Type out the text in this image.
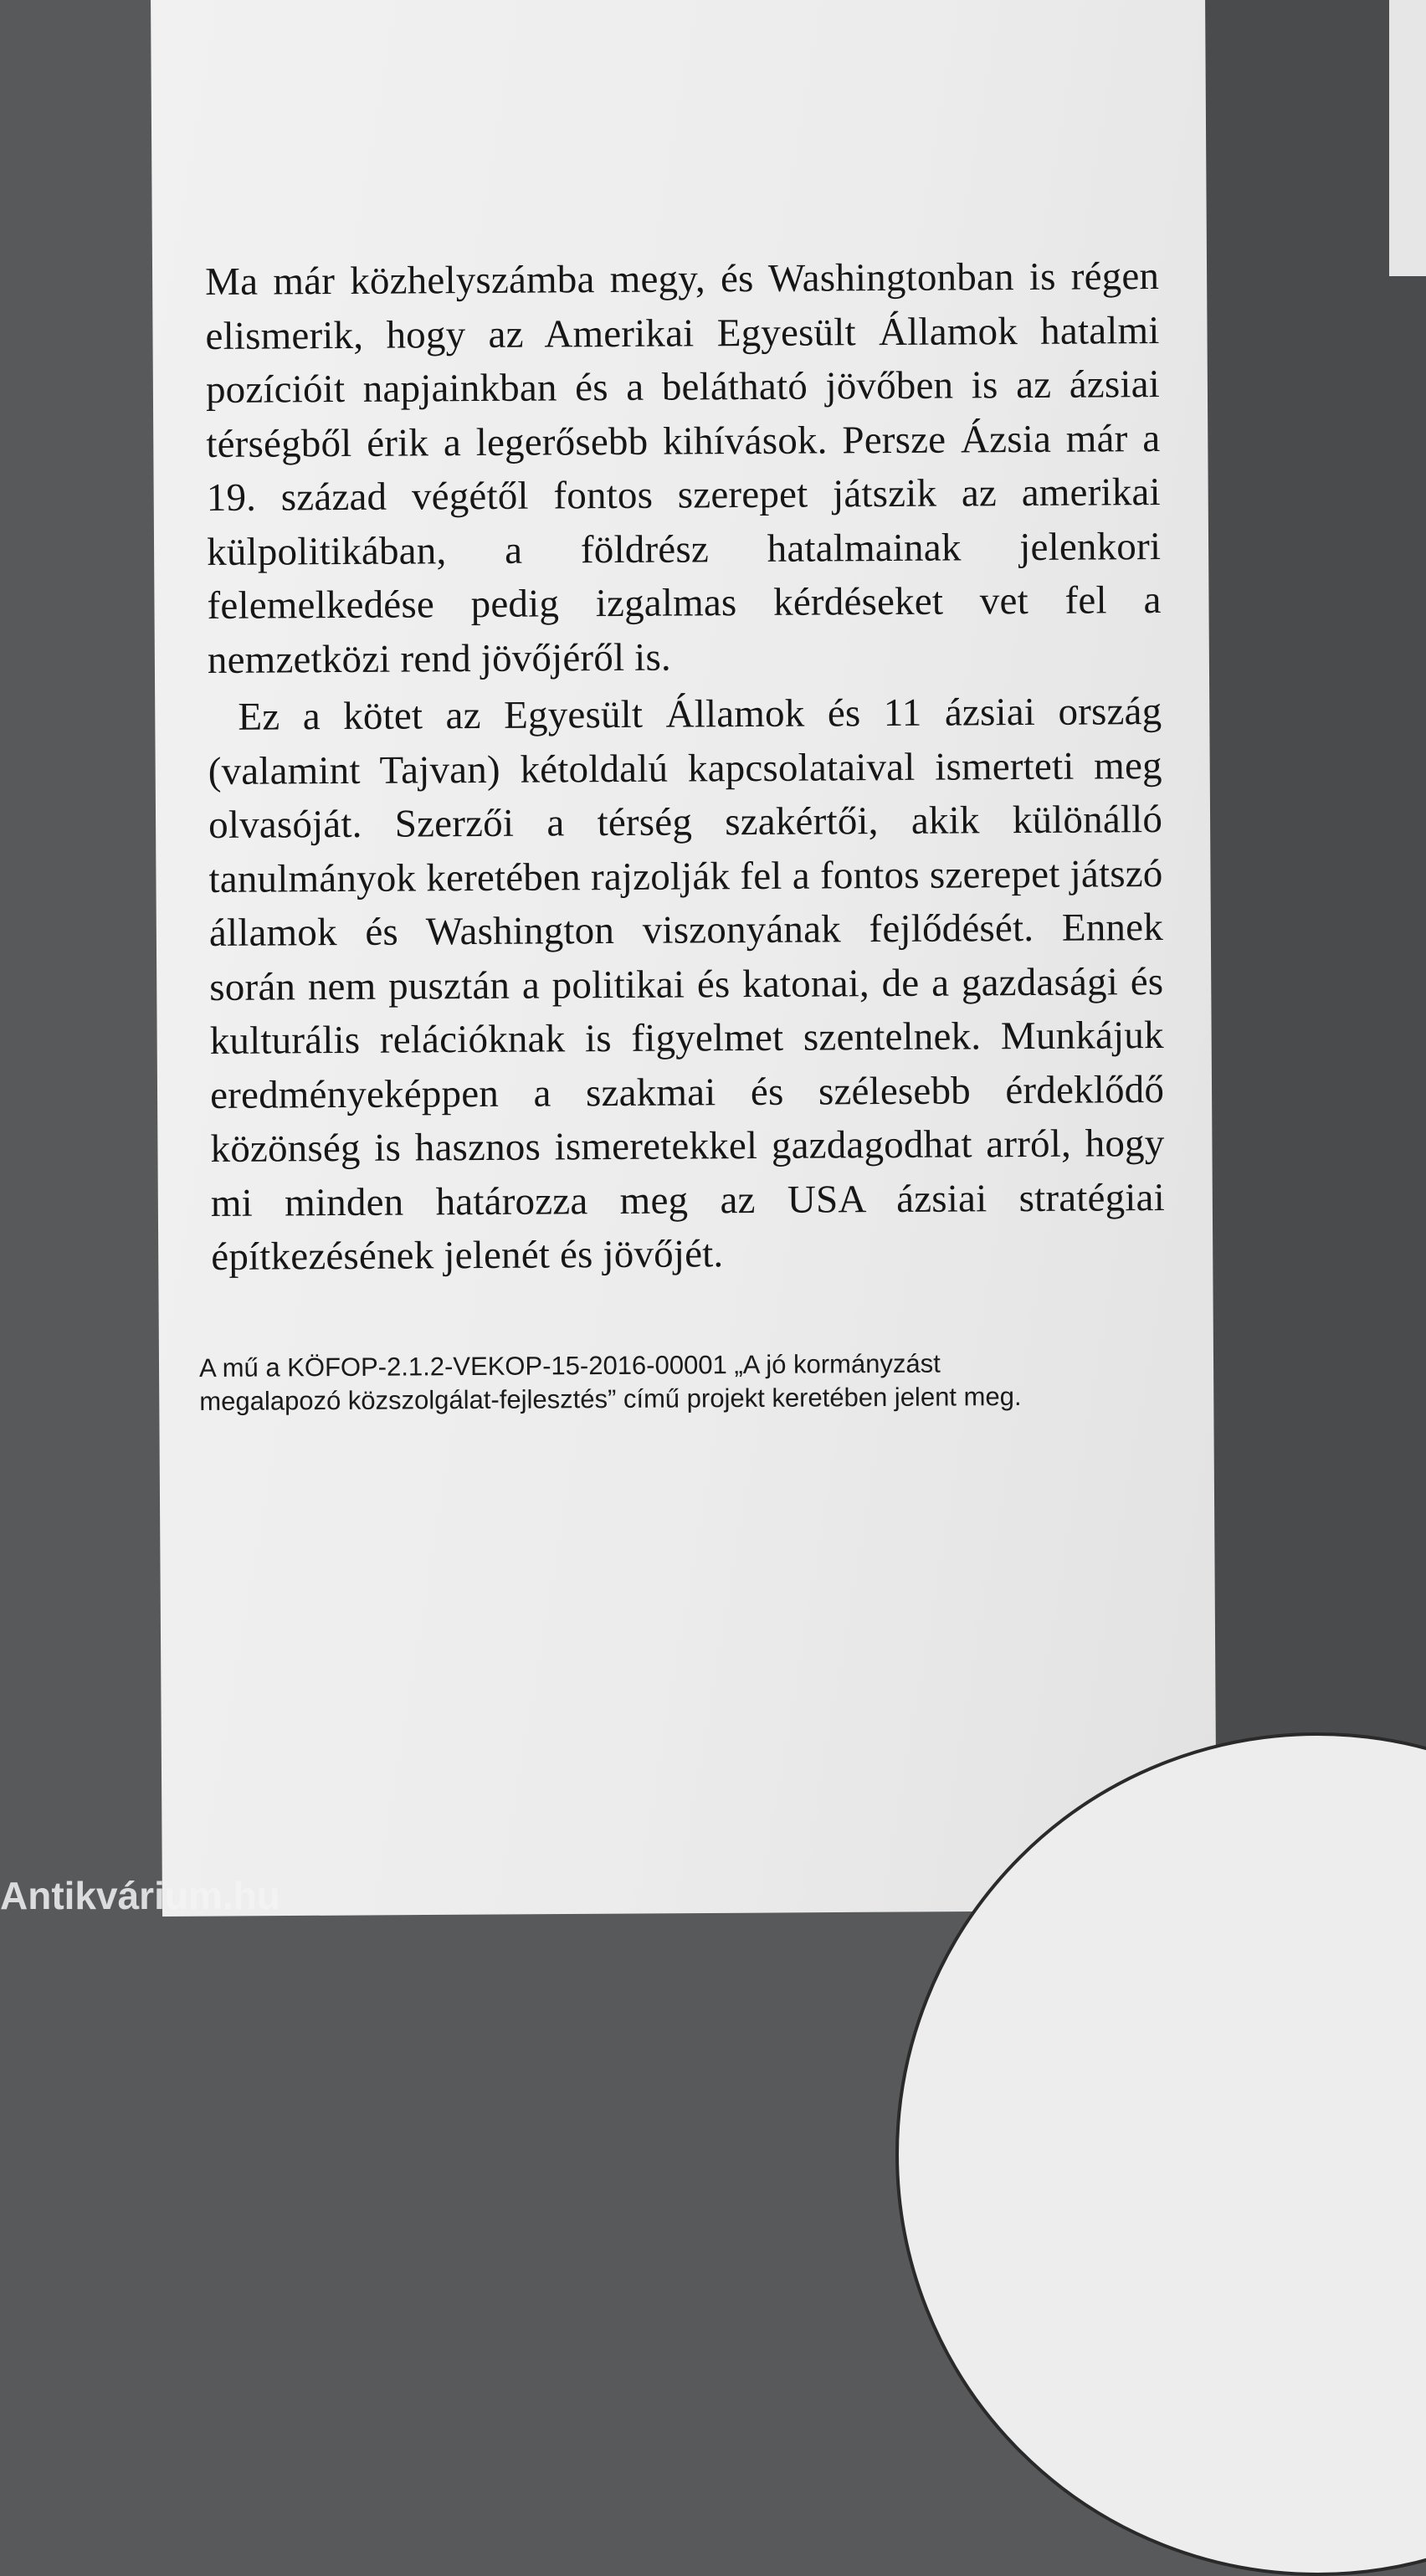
Ma már közhelyszámba megy, és Washingtonban is régen elismerik, hogy az Amerikai Egyesült Államok hatalmi pozícióit napjainkban és a belátható jövőben is az ázsiai térségből érik a legerősebb kihívások. Persze Ázsia már a 19. század végétől fontos szerepet játszik az amerikai külpolitikában, a földrész hatalmainak jelenkori felemelkedése pedig izgalmas kérdéseket vet fel a nemzetközi rend jövőjéről is.

Ez a kötet az Egyesült Államok és 11 ázsiai ország (valamint Tajvan) kétoldalú kapcsolataival ismerteti meg olvasóját. Szerzői a térség szakértői, akik különálló tanulmányok keretében rajzolják fel a fontos szerepet játszó államok és Washington viszonyának fejlődését. Ennek során nem pusztán a politikai és katonai, de a gazdasági és kulturális relációknak is figyelmet szentelnek. Munkájuk eredményeképpen a szakmai és szélesebb érdeklődő közönség is hasznos ismeretekkel gazdagodhat arról, hogy mi minden határozza meg az USA ázsiai stratégiai építkezésének jelenét és jövőjét.

A mű a KÖFOP-2.1.2-VEKOP-15-2016-00001 „A jó kormányzást megalapozó közszolgálat-fejlesztés” című projekt keretében jelent meg.
Antikvárium.hu
